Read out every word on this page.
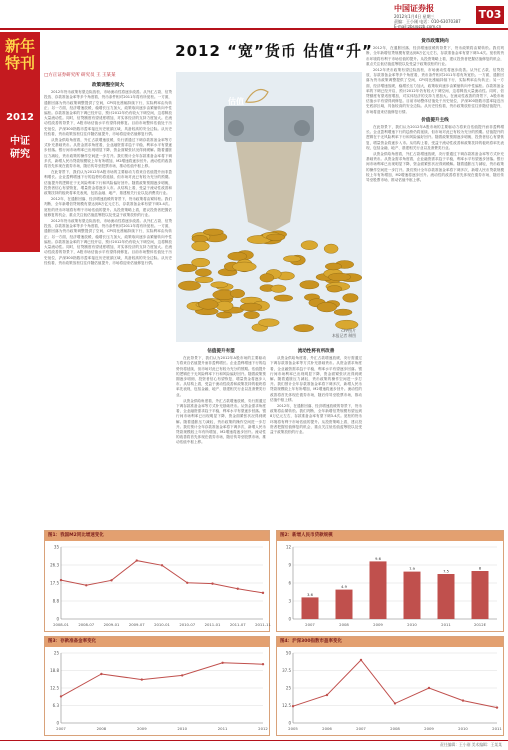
中国证券报
2012年1月4日 星期三
责编：王小刚 电话：010-63070387
E-mail:zbs@zzb.com.cn
T03
新年特刊
2012
中证研究
2012 “宽”货币 估值“升”
□方正证券研究所 研究员 王 王某某
政策调整空间大

2012年货币政策有望边际放松，市场流动性将逐步改善。从外汇占款、信贷投放、存款准备金率等多个角度看，货币条件相对2011年将有所宽松。一方面，通胀回落为货币政策调整提供了空间，CPI同比涨幅持续下行，实际利率由负转正；另一方面，经济增速放缓，稳增长压力加大，政策取向逐步由紧缩转向中性偏松。存款准备金率的下调已经开启，预计2012年仍有较大下调空间，这将释放大量流动性。同时，信贷额度有望适度增加，对实体经济的支持力度加大。在流动性改善的背景下，A股市场估值水平有望得到修复。目前市场整体估值处于历史低位，沪深300指数市盈率接近历史底部区域，具备较高的安全边际。从历史经验看，货币政策放松往往伴随估值提升，市场将迎来估值修复行情。

从资金供给角度看，外汇占款增速放缓，央行需通过下调存款准备金率等方式补充基础货币。从资金需求角度看，企业融资需求趋于平稳，利率水平有望逐步回落。银行间市场利率已出现明显下降，资金面紧张状况得到缓解。随着通胀压力减轻，货币政策的操作空间进一步打开。我们预计全年存款准备金率将下调多次，新增人民币贷款规模较上年有所增加，M2增速将逐步回升。流动性的改善将首先体现在债券市场，随后传导至股票市场，推动估值中枢上移。

在此背景下，我们认为2012年A股市场的主要驱动力将来自估值提升而非盈利增长。企业盈利增速下行的趋势仍将延续，但市场对此已有较为充分的预期。估值提升的逻辑在于无风险利率下行和风险偏好回升。随着政策预期逐步明朗，投资者信心有望恢复，增量资金将逐步入市。从结构上看，受益于流动性改善和政策扶持的板块将率先表现，包括金融、地产、基建相关行业以及消费类行业。

2012年，在通胀回落、经济增速放缓的背景下，货币政策将由紧转松。我们判断，全年新增信贷规模有望达到8万亿元左右，存款准备金率有望下调3-4次。宽松的货币环境将有利于市场估值的提升。从投资策略上看，建议投资者把握估值修复的机会，重点关注低估值蓝筹股以及受益于政策放松的行业。

2012年货币政策有望边际放松，市场流动性将逐步改善。从外汇占款、信贷投放、存款准备金率等多个角度看，货币条件相对2011年将有所宽松。一方面，通胀回落为货币政策调整提供了空间，CPI同比涨幅持续下行，实际利率由负转正；另一方面，经济增速放缓，稳增长压力加大，政策取向逐步由紧缩转向中性偏松。存款准备金率的下调已经开启，预计2012年仍有较大下调空间，这将释放大量流动性。同时，信贷额度有望适度增加，对实体经济的支持力度加大。在流动性改善的背景下，A股市场估值水平有望得到修复。目前市场整体估值处于历史低位，沪深300指数市盈率接近历史底部区域，具备较高的安全边际。从历史经验看，货币政策放松往往伴随估值提升，市场将迎来估值修复行情。

估值
CFP图片
本报记者 制图
估值提升有望

在此背景下，我们认为2012年A股市场的主要驱动力将来自估值提升而非盈利增长。企业盈利增速下行的趋势仍将延续，但市场对此已有较为充分的预期。估值提升的逻辑在于无风险利率下行和风险偏好回升。随着政策预期逐步明朗，投资者信心有望恢复，增量资金将逐步入市。从结构上看，受益于流动性改善和政策扶持的板块将率先表现，包括金融、地产、基建相关行业以及消费类行业。

从资金供给角度看，外汇占款增速放缓，央行需通过下调存款准备金率等方式补充基础货币。从资金需求角度看，企业融资需求趋于平稳，利率水平有望逐步回落。银行间市场利率已出现明显下降，资金面紧张状况得到缓解。随着通胀压力减轻，货币政策的操作空间进一步打开。我们预计全年存款准备金率将下调多次，新增人民币贷款规模较上年有所增加，M2增速将逐步回升。流动性的改善将首先体现在债券市场，随后传导至股票市场，推动估值中枢上移。

流动性将有所改善

从资金供给角度看，外汇占款增速放缓，央行需通过下调存款准备金率等方式补充基础货币。从资金需求角度看，企业融资需求趋于平稳，利率水平有望逐步回落。银行间市场利率已出现明显下降，资金面紧张状况得到缓解。随着通胀压力减轻，货币政策的操作空间进一步打开。我们预计全年存款准备金率将下调多次，新增人民币贷款规模较上年有所增加，M2增速将逐步回升。流动性的改善将首先体现在债券市场，随后传导至股票市场，推动估值中枢上移。

2012年，在通胀回落、经济增速放缓的背景下，货币政策将由紧转松。我们判断，全年新增信贷规模有望达到8万亿元左右，存款准备金率有望下调3-4次。宽松的货币环境将有利于市场估值的提升。从投资策略上看，建议投资者把握估值修复的机会，重点关注低估值蓝筹股以及受益于政策放松的行业。

货币政策转向

2012年，在通胀回落、经济增速放缓的背景下，货币政策将由紧转松。我们判断，全年新增信贷规模有望达到8万亿元左右，存款准备金率有望下调3-4次。宽松的货币环境将有利于市场估值的提升。从投资策略上看，建议投资者把握估值修复的机会，重点关注低估值蓝筹股以及受益于政策放松的行业。

2012年货币政策有望边际放松，市场流动性将逐步改善。从外汇占款、信贷投放、存款准备金率等多个角度看，货币条件相对2011年将有所宽松。一方面，通胀回落为货币政策调整提供了空间，CPI同比涨幅持续下行，实际利率由负转正；另一方面，经济增速放缓，稳增长压力加大，政策取向逐步由紧缩转向中性偏松。存款准备金率的下调已经开启，预计2012年仍有较大下调空间，这将释放大量流动性。同时，信贷额度有望适度增加，对实体经济的支持力度加大。在流动性改善的背景下，A股市场估值水平有望得到修复。目前市场整体估值处于历史低位，沪深300指数市盈率接近历史底部区域，具备较高的安全边际。从历史经验看，货币政策放松往往伴随估值提升，市场将迎来估值修复行情。

价值提升主线

在此背景下，我们认为2012年A股市场的主要驱动力将来自估值提升而非盈利增长。企业盈利增速下行的趋势仍将延续，但市场对此已有较为充分的预期。估值提升的逻辑在于无风险利率下行和风险偏好回升。随着政策预期逐步明朗，投资者信心有望恢复，增量资金将逐步入市。从结构上看，受益于流动性改善和政策扶持的板块将率先表现，包括金融、地产、基建相关行业以及消费类行业。

从资金供给角度看，外汇占款增速放缓，央行需通过下调存款准备金率等方式补充基础货币。从资金需求角度看，企业融资需求趋于平稳，利率水平有望逐步回落。银行间市场利率已出现明显下降，资金面紧张状况得到缓解。随着通胀压力减轻，货币政策的操作空间进一步打开。我们预计全年存款准备金率将下调多次，新增人民币贷款规模较上年有所增加，M2增速将逐步回升。流动性的改善将首先体现在债券市场，随后传导至股票市场，推动估值中枢上移。

图1：我国M2同比增速变化
0
8.8
17.5
26.3
35
2008-01 2008-07 2009-01 2009-07 2010-01 2010-07 2011-01 2011-07 2011-11
图2：新增人民币贷款规模
0
3
6
9
12
2007	2008	2009	2010	2011	2012E
3.6
4.9
9.6
7.9
7.5
8
图3：存款准备金率变化
0
6.3
12.5
18.8
25
2007	2008	2009	2010	2011	2012
图4：沪深300指数市盈率变化
0
12.5
25
37.5
50
2005	2006	2007	2008	2009	2010	2011
责任编辑：王小刚 美术编辑：王某某
